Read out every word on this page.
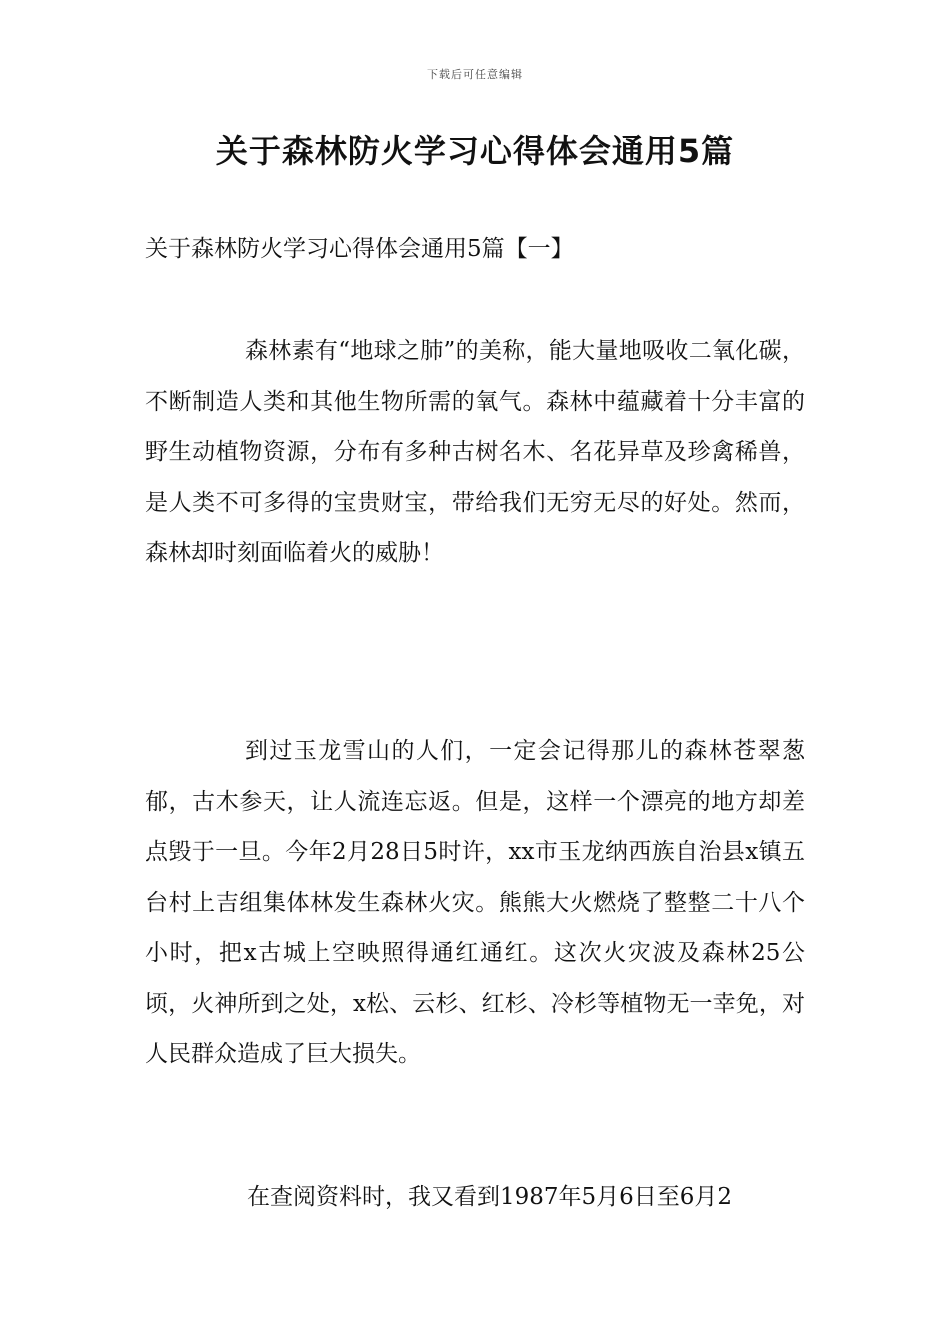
下载后可任意编辑
关于森林防火学习心得体会通用5篇
关于森林防火学习心得体会通用5篇【一】

森林素有“地球之肺”的美称，能大量地吸收二氧化碳，不断制造人类和其他生物所需的氧气。森林中蕴藏着十分丰富的野生动植物资源，分布有多种古树名木、名花异草及珍禽稀兽，是人类不可多得的宝贵财宝，带给我们无穷无尽的好处。然而，森林却时刻面临着火的威胁！

到过玉龙雪山的人们，一定会记得那儿的森林苍翠葱郁，古木参天，让人流连忘返。但是，这样一个漂亮的地方却差点毁于一旦。今年2月28日5时许，xx市玉龙纳西族自治县x镇五台村上吉组集体林发生森林火灾。熊熊大火燃烧了整整二十八个小时，把x古城上空映照得通红通红。这次火灾波及森林25公顷，火神所到之处，x松、云杉、红杉、冷杉等植物无一幸免，对人民群众造成了巨大损失。

在查阅资料时，我又看到1987年5月6日至6月2
